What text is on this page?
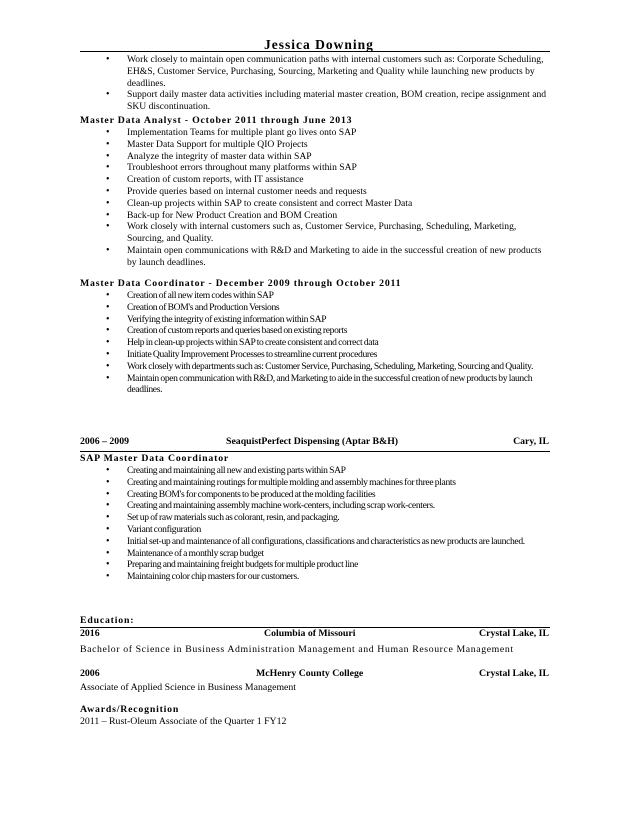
Jessica Downing
• Work closely to maintain open communication paths with internal customers such as: Corporate Scheduling, EH&S, Customer Service, Purchasing, Sourcing, Marketing and Quality while launching new products by deadlines.
• Support daily master data activities including material master creation, BOM creation, recipe assignment and SKU discontinuation.
Master Data Analyst - October 2011 through June 2013
• Implementation Teams for multiple plant go lives onto SAP
• Master Data Support for multiple QIO Projects
• Analyze the integrity of master data within SAP
• Troubleshoot errors throughout many platforms within SAP
• Creation of custom reports, with IT assistance
• Provide queries based on internal customer needs and requests
• Clean-up projects within SAP to create consistent and correct Master Data
• Back-up for New Product Creation and BOM Creation
• Work closely with internal customers such as, Customer Service, Purchasing, Scheduling, Marketing, Sourcing, and Quality.
• Maintain open communications with R&D and Marketing to aide in the successful creation of new products by launch deadlines.
Master Data Coordinator - December 2009 through October 2011
• Creation of all new item codes within SAP
• Creation of BOM's and Production Versions
• Verifying the integrity of existing information within SAP
• Creation of custom reports and queries based on existing reports
• Help in clean-up projects within SAP to create consistent and correct data
• Initiate Quality Improvement Processes to streamline current procedures
• Work closely with departments such as: Customer Service, Purchasing, Scheduling, Marketing, Sourcing and Quality.
• Maintain open communication with R&D, and Marketing to aide in the successful creation of new products by launch deadlines.
2006 – 2009	SeaquistPerfect Dispensing (Aptar B&H)	Cary, IL
SAP Master Data Coordinator
• Creating and maintaining all new and existing parts within SAP
• Creating and maintaining routings for multiple molding and assembly machines for three plants
• Creating BOM's for components to be produced at the molding facilities
• Creating and maintaining assembly machine work-centers, including scrap work-centers.
• Set up of raw materials such as colorant, resin, and packaging.
• Variant configuration
• Initial set-up and maintenance of all configurations, classifications and characteristics as new products are launched.
• Maintenance of a monthly scrap budget
• Preparing and maintaining freight budgets for multiple product line
• Maintaining color chip masters for our customers.
Education:
2016	Columbia of Missouri	Crystal Lake, IL
Bachelor of Science in Business Administration Management and Human Resource Management
2006	McHenry County College	Crystal Lake, IL
Associate of Applied Science in Business Management
Awards/Recognition
2011 – Rust-Oleum Associate of the Quarter 1 FY12
